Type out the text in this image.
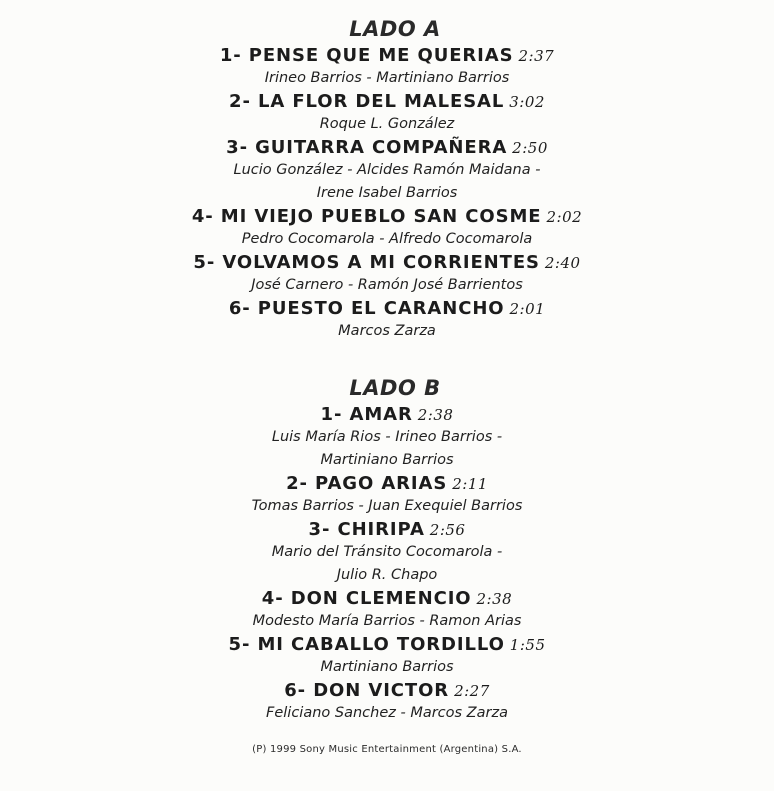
LADO A
1- PENSE QUE ME QUERIAS 2:37
Irineo Barrios - Martiniano Barrios
2- LA FLOR DEL MALESAL 3:02
Roque L. González
3- GUITARRA COMPAÑERA 2:50
Lucio González - Alcides Ramón Maidana -
Irene Isabel Barrios
4- MI VIEJO PUEBLO SAN COSME 2:02
Pedro Cocomarola - Alfredo Cocomarola
5- VOLVAMOS A MI CORRIENTES 2:40
José Carnero - Ramón José Barrientos
6- PUESTO EL CARANCHO 2:01
Marcos Zarza
LADO B
1- AMAR 2:38
Luis María Rios - Irineo Barrios -
Martiniano Barrios
2- PAGO ARIAS 2:11
Tomas Barrios - Juan Exequiel Barrios
3- CHIRIPA 2:56
Mario del Tránsito Cocomarola -
Julio R. Chapo
4- DON CLEMENCIO 2:38
Modesto María Barrios - Ramon Arias
5- MI CABALLO TORDILLO 1:55
Martiniano Barrios
6- DON VICTOR 2:27
Feliciano Sanchez - Marcos Zarza
(P) 1999 Sony Music Entertainment (Argentina) S.A.
